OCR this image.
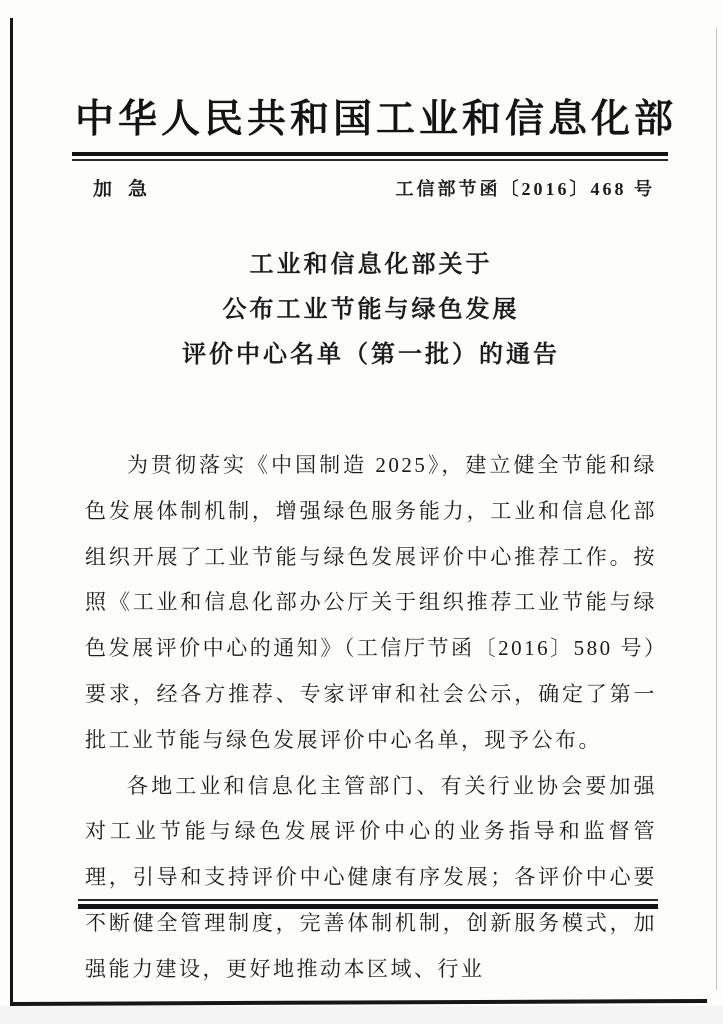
中华人民共和国工业和信息化部
加急	工信部节函〔2016〕468 号
工业和信息化部关于
公布工业节能与绿色发展
评价中心名单（第一批）的通告

为贯彻落实《中国制造 2025》，建立健全节能和绿色发展体制机制，增强绿色服务能力，工业和信息化部组织开展了工业节能与绿色发展评价中心推荐工作。按照《工业和信息化部办公厅关于组织推荐工业节能与绿色发展评价中心的通知》（工信厅节函〔2016〕580 号）要求，经各方推荐、专家评审和社会公示，确定了第一批工业节能与绿色发展评价中心名单，现予公布。

各地工业和信息化主管部门、有关行业协会要加强对工业节能与绿色发展评价中心的业务指导和监督管理，引导和支持评价中心健康有序发展；各评价中心要不断健全管理制度，完善体制机制，创新服务模式，加强能力建设，更好地推动本区域、行业
